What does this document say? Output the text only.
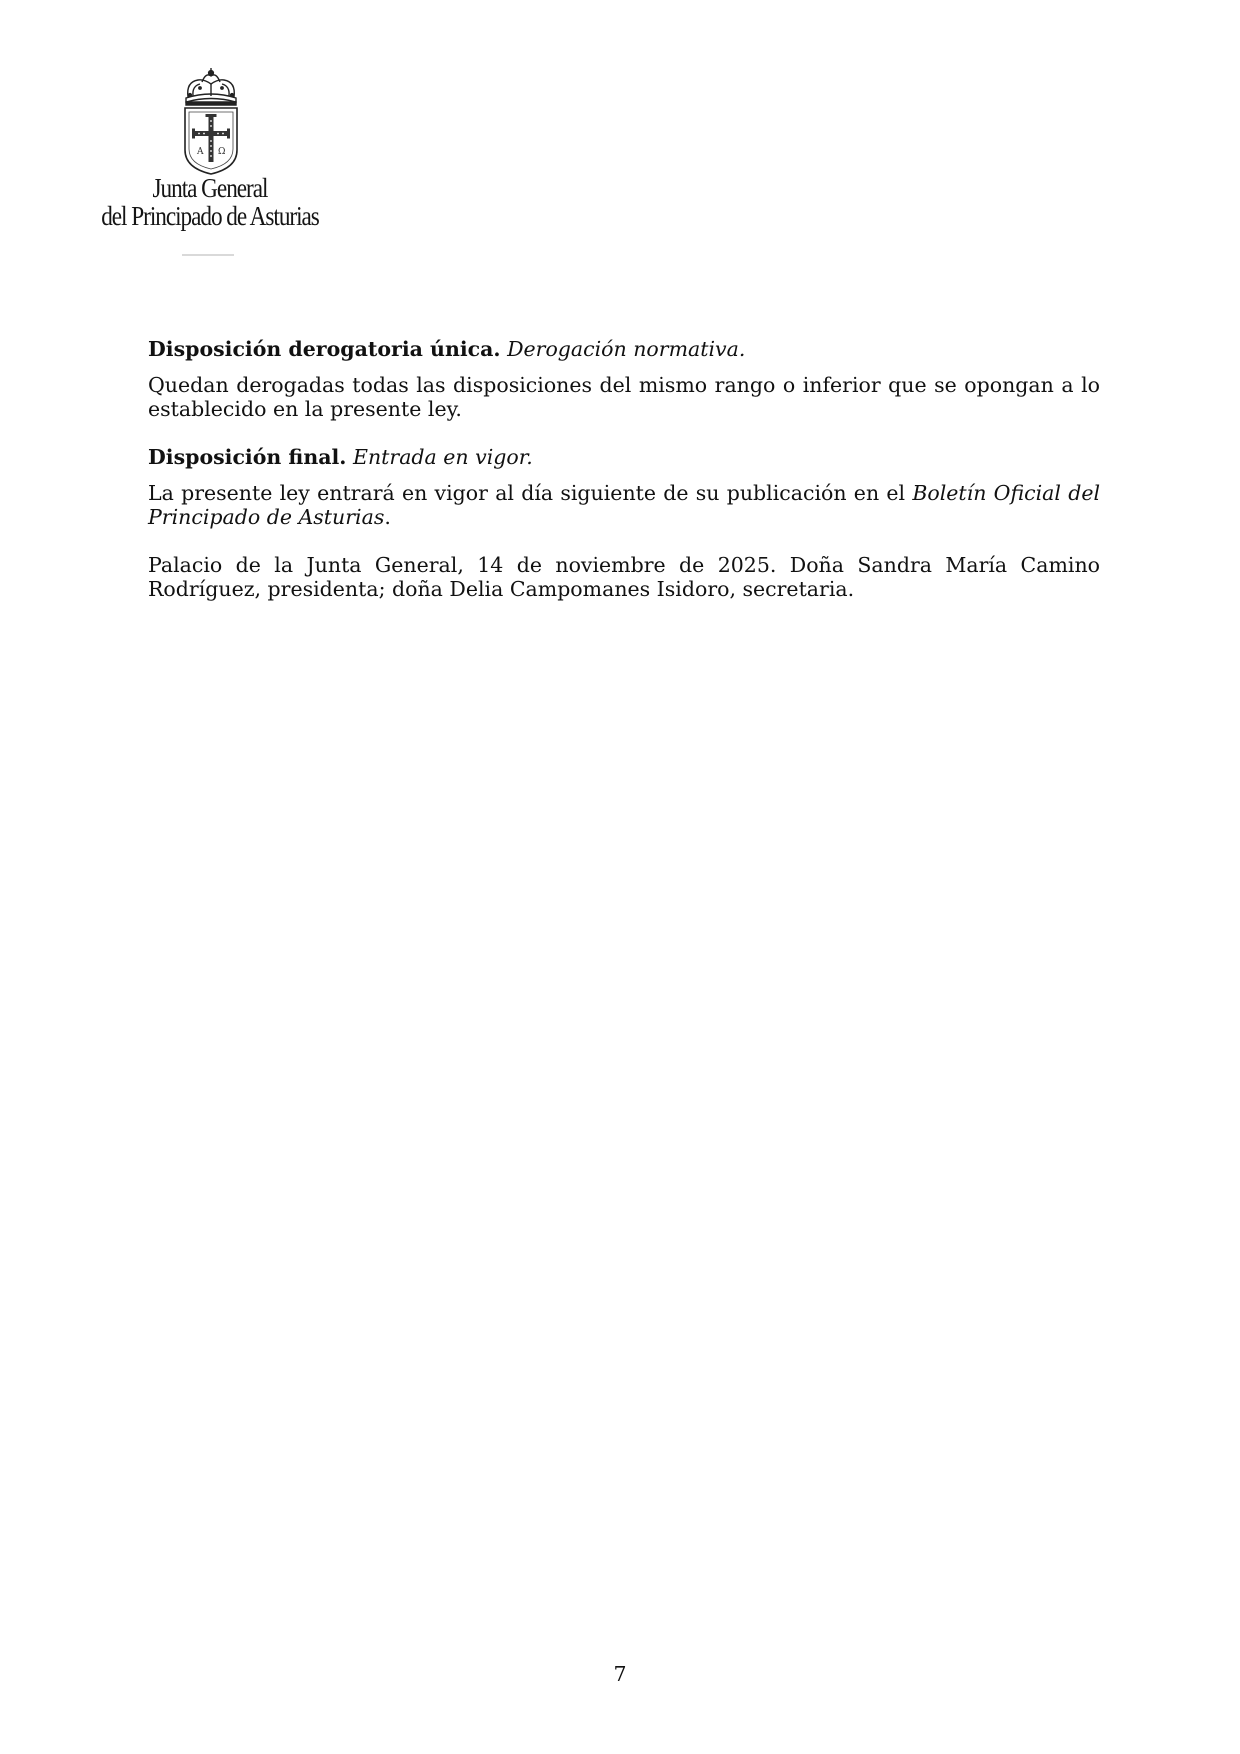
A Ω
Junta General
del Principado de Asturias

Disposición derogatoria única. Derogación normativa.

Quedan derogadas todas las disposiciones del mismo rango o inferior que se opongan a lo establecido en la presente ley.

Disposición final. Entrada en vigor.

La presente ley entrará en vigor al día siguiente de su publicación en el Boletín Oficial del Principado de Asturias.

Palacio de la Junta General, 14 de noviembre de 2025. Doña Sandra María Camino Rodríguez, presidenta; doña Delia Campomanes Isidoro, secretaria.

7
